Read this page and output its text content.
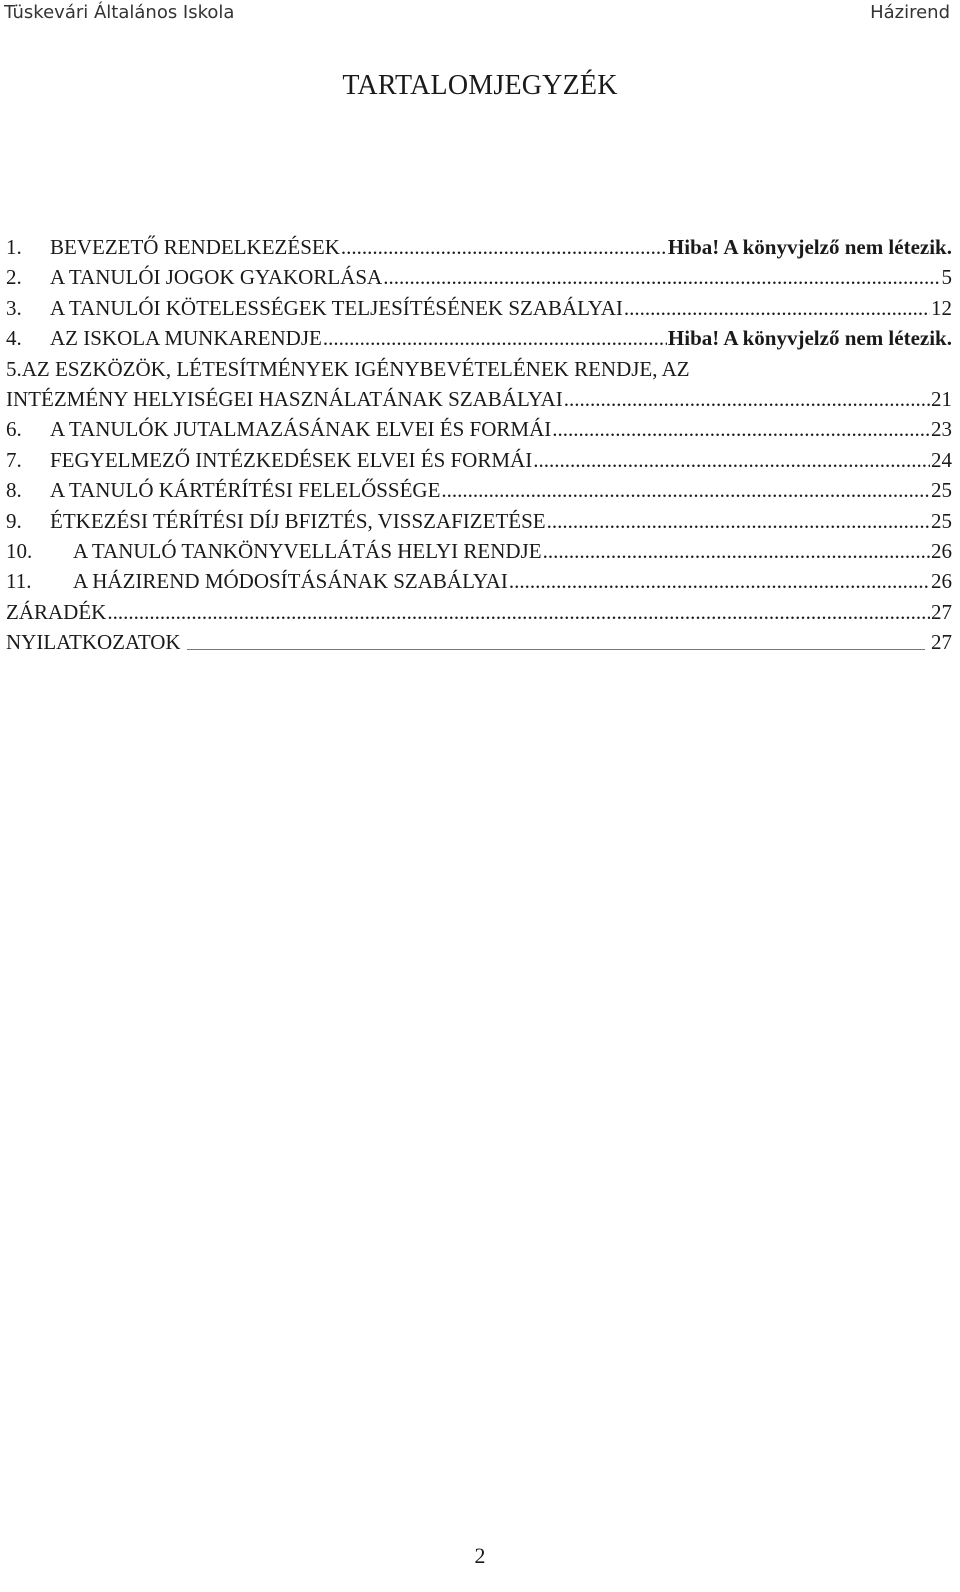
Tüskevári Általános Iskola	Házirend
TARTALOMJEGYZÉK
1.	BEVEZETŐ RENDELKEZÉSEK .....	Hiba! A könyvjelző nem létezik.
2.	A TANULÓI JOGOK GYAKORLÁSA .....	5
3.	A TANULÓI KÖTELESSÉGEK TELJESÍTÉSÉNEK SZABÁLYAI .....	12
4.	AZ ISKOLA MUNKARENDJE .....	Hiba! A könyvjelző nem létezik.
5.AZ ESZKÖZÖK, LÉTESÍTMÉNYEK IGÉNYBEVÉTELÉNEK RENDJE, AZ
INTÉZMÉNY HELYISÉGEI HASZNÁLATÁNAK SZABÁLYAI .....	21
6.	A TANULÓK JUTALMAZÁSÁNAK ELVEI ÉS FORMÁI .....	23
7.	FEGYELMEZŐ INTÉZKEDÉSEK ELVEI ÉS FORMÁI .....	24
8.	A TANULÓ KÁRTÉRÍTÉSI FELELŐSSÉGE .....	25
9.	ÉTKEZÉSI TÉRÍTÉSI DÍJ BFIZTÉS, VISSZAFIZETÉSE .....	25
10.	A TANULÓ TANKÖNYVELLÁTÁS HELYI RENDJE .....	26
11.	A HÁZIREND MÓDOSÍTÁSÁNAK SZABÁLYAI .....	26
ZÁRADÉK .....	27
NYILATKOZATOK	27
2
